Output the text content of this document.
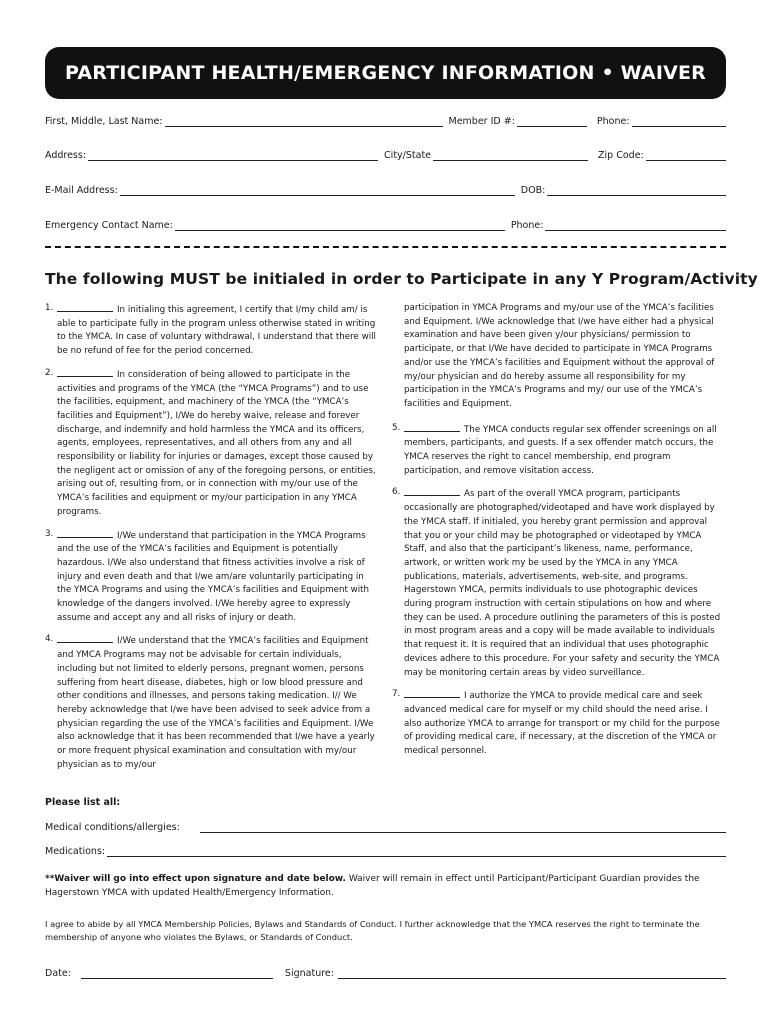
PARTICIPANT HEALTH/EMERGENCY INFORMATION • WAIVER
First, Middle, Last Name:	Member ID #:	Phone:
Address:	City/State	Zip Code:
E-Mail Address:	DOB:
Emergency Contact Name:	Phone:
The following MUST be initialed in order to Participate in any Y Program/Activity
1.	In initialing this agreement, I certify that I/my child am/ is able to participate fully in the program unless otherwise stated in writing to the YMCA. In case of voluntary withdrawal, I understand that there will be no refund of fee for the period concerned.
2.	In consideration of being allowed to participate in the activities and programs of the YMCA (the “YMCA Programs”) and to use the facilities, equipment, and machinery of the YMCA (the “YMCA’s facilities and Equipment”), I/We do hereby waive, release and forever discharge, and indemnify and hold harmless the YMCA and its officers, agents, employees, representatives, and all others from any and all responsibility or liability for injuries or damages, except those caused by the negligent act or omission of any of the foregoing persons, or entities, arising out of, resulting from, or in connection with my/our use of the YMCA’s facilities and equipment or my/our participation in any YMCA programs.
3.	I/We understand that participation in the YMCA Programs and the use of the YMCA’s facilities and Equipment is potentially hazardous. I/We also understand that fitness activities involve a risk of injury and even death and that I/we am/are voluntarily participating in the YMCA Programs and using the YMCA’s facilities and Equipment with knowledge of the dangers involved. I/We hereby agree to expressly assume and accept any and all risks of injury or death.
4.	I/We understand that the YMCA’s facilities and Equipment and YMCA Programs may not be advisable for certain individuals, including but not limited to elderly persons, pregnant women, persons suffering from heart disease, diabetes, high or low blood pressure and other conditions and illnesses, and persons taking medication. I// We hereby acknowledge that I/we have been advised to seek advice from a physician regarding the use of the YMCA’s facilities and Equipment. I/We also acknowledge that it has been recommended that I/we have a yearly or more frequent physical examination and consultation with my/our physician as to my/our
participation in YMCA Programs and my/our use of the YMCA’s facilities and Equipment. I/We acknowledge that I/we have either had a physical examination and have been given y/our physicians/ permission to participate, or that I/We have decided to participate in YMCA Programs and/or use the YMCA’s facilities and Equipment without the approval of my/our physician and do hereby assume all responsibility for my participation in the YMCA’s Programs and my/ our use of the YMCA’s facilities and Equipment.
5.	The YMCA conducts regular sex offender screenings on all members, participants, and guests. If a sex offender match occurs, the YMCA reserves the right to cancel membership, end program participation, and remove visitation access.
6.	As part of the overall YMCA program, participants occasionally are photographed/videotaped and have work displayed by the YMCA staff. If initialed, you hereby grant permission and approval that you or your child may be photographed or videotaped by YMCA Staff, and also that the participant’s likeness, name, performance, artwork, or written work my be used by the YMCA in any YMCA publications, materials, advertisements, web-site, and programs. Hagerstown YMCA, permits individuals to use photographic devices during program instruction with certain stipulations on how and where they can be used. A procedure outlining the parameters of this is posted in most program areas and a copy will be made available to individuals that request it. It is required that an individual that uses photographic devices adhere to this procedure. For your safety and security the YMCA may be monitoring certain areas by video surveillance.
7.	I authorize the YMCA to provide medical care and seek advanced medical care for myself or my child should the need arise. I also authorize YMCA to arrange for transport or my child for the purpose of providing medical care, if necessary, at the discretion of the YMCA or medical personnel.
Please list all:
Medical conditions/allergies:
Medications:
**Waiver will go into effect upon signature and date below. Waiver will remain in effect until Participant/Participant Guardian provides the Hagerstown YMCA with updated Health/Emergency Information.
I agree to abide by all YMCA Membership Policies, Bylaws and Standards of Conduct. I further acknowledge that the YMCA reserves the right to terminate the membership of anyone who violates the Bylaws, or Standards of Conduct.
Date:	Signature:
